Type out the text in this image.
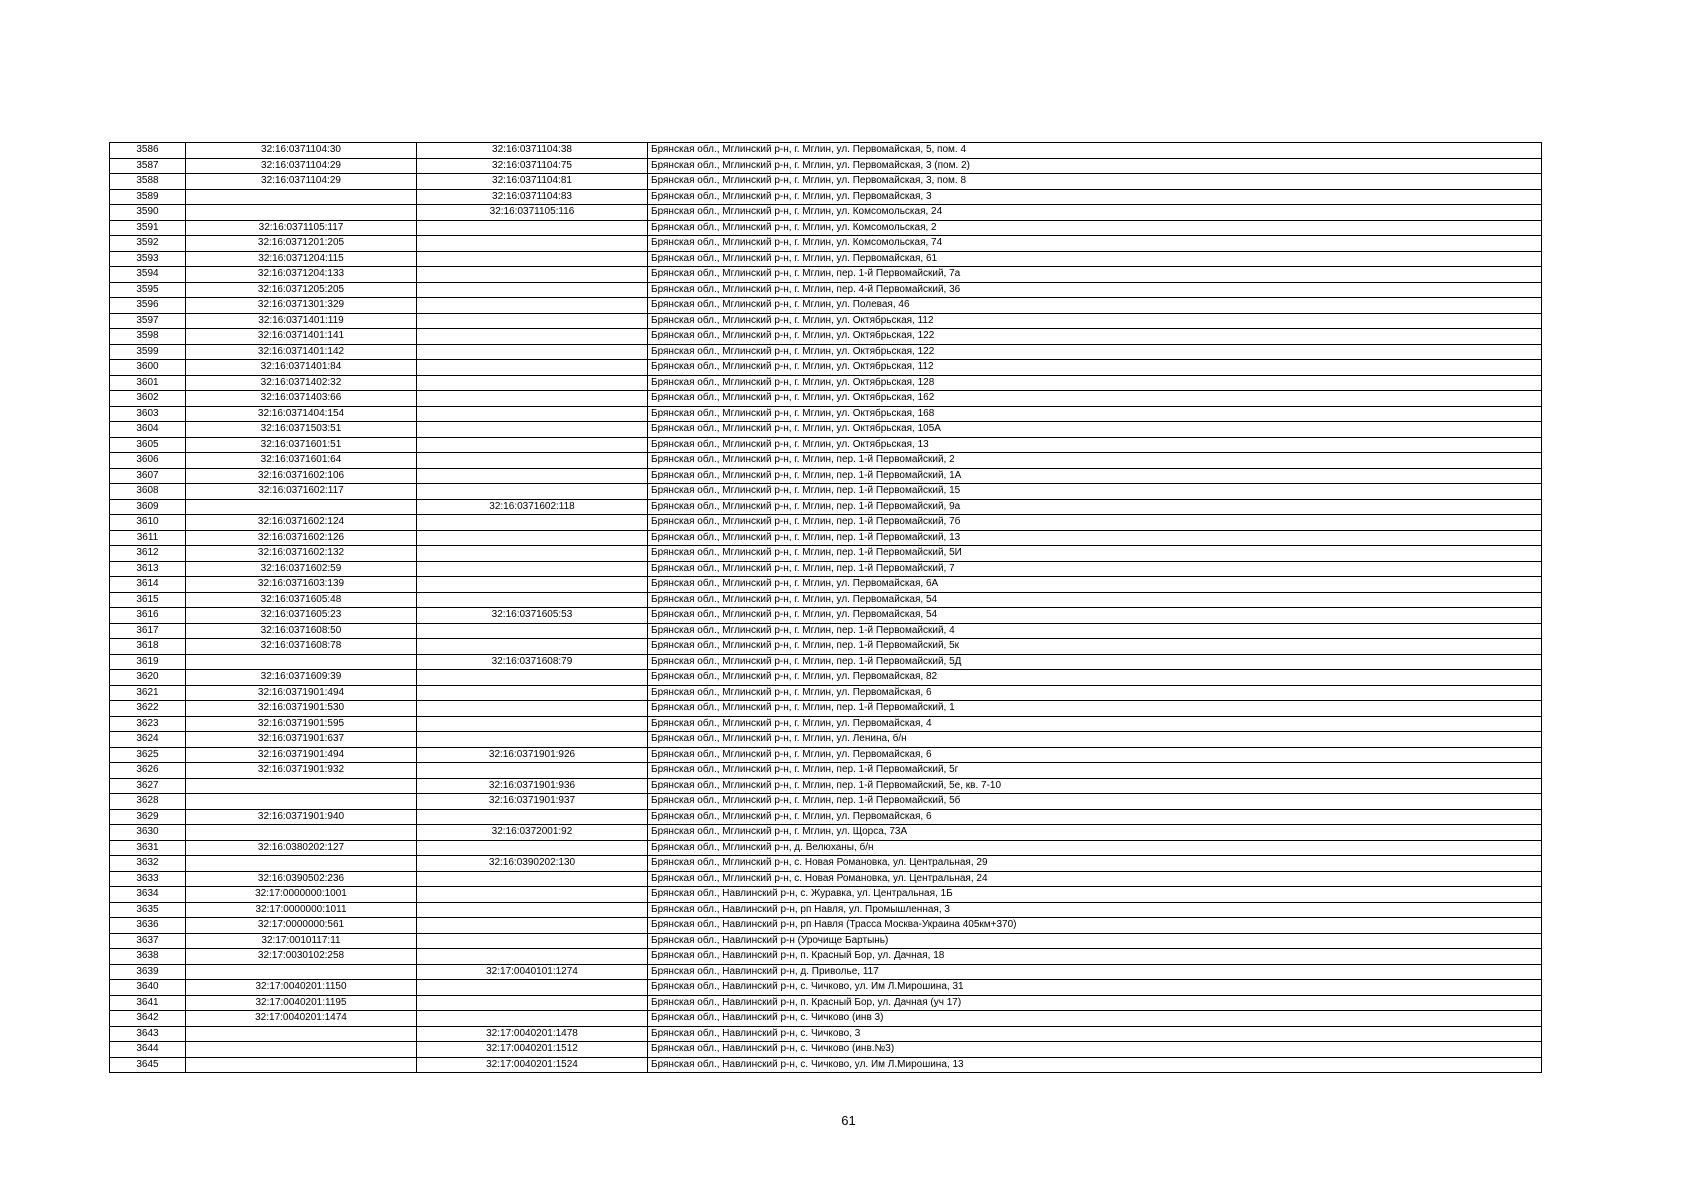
3586	32:16:0371104:30	32:16:0371104:38	Брянская обл., Мглинский р-н, г. Мглин, ул. Первомайская, 5, пом. 4
3587	32:16:0371104:29	32:16:0371104:75	Брянская обл., Мглинский р-н, г. Мглин, ул. Первомайская, 3 (пом. 2)
3588	32:16:0371104:29	32:16:0371104:81	Брянская обл., Мглинский р-н, г. Мглин, ул. Первомайская, 3, пом. 8
3589		32:16:0371104:83	Брянская обл., Мглинский р-н, г. Мглин, ул. Первомайская, 3
3590		32:16:0371105:116	Брянская обл., Мглинский р-н, г. Мглин, ул. Комсомольская, 24
3591	32:16:0371105:117		Брянская обл., Мглинский р-н, г. Мглин, ул. Комсомольская, 2
3592	32:16:0371201:205		Брянская обл., Мглинский р-н, г. Мглин, ул. Комсомольская, 74
3593	32:16:0371204:115		Брянская обл., Мглинский р-н, г. Мглин, ул. Первомайская, 61
3594	32:16:0371204:133		Брянская обл., Мглинский р-н, г. Мглин, пер. 1-й Первомайский, 7а
3595	32:16:0371205:205		Брянская обл., Мглинский р-н, г. Мглин, пер. 4-й Первомайский, 36
3596	32:16:0371301:329		Брянская обл., Мглинский р-н, г. Мглин, ул. Полевая, 46
3597	32:16:0371401:119		Брянская обл., Мглинский р-н, г. Мглин, ул. Октябрьская, 112
3598	32:16:0371401:141		Брянская обл., Мглинский р-н, г. Мглин, ул. Октябрьская, 122
3599	32:16:0371401:142		Брянская обл., Мглинский р-н, г. Мглин, ул. Октябрьская, 122
3600	32:16:0371401:84		Брянская обл., Мглинский р-н, г. Мглин, ул. Октябрьская, 112
3601	32:16:0371402:32		Брянская обл., Мглинский р-н, г. Мглин, ул. Октябрьская, 128
3602	32:16:0371403:66		Брянская обл., Мглинский р-н, г. Мглин, ул. Октябрьская, 162
3603	32:16:0371404:154		Брянская обл., Мглинский р-н, г. Мглин, ул. Октябрьская, 168
3604	32:16:0371503:51		Брянская обл., Мглинский р-н, г. Мглин, ул. Октябрьская, 105А
3605	32:16:0371601:51		Брянская обл., Мглинский р-н, г. Мглин, ул. Октябрьская, 13
3606	32:16:0371601:64		Брянская обл., Мглинский р-н, г. Мглин, пер. 1-й Первомайский, 2
3607	32:16:0371602:106		Брянская обл., Мглинский р-н, г. Мглин, пер. 1-й Первомайский, 1А
3608	32:16:0371602:117		Брянская обл., Мглинский р-н, г. Мглин, пер. 1-й Первомайский, 15
3609		32:16:0371602:118	Брянская обл., Мглинский р-н, г. Мглин, пер. 1-й Первомайский, 9а
3610	32:16:0371602:124		Брянская обл., Мглинский р-н, г. Мглин, пер. 1-й Первомайский, 7б
3611	32:16:0371602:126		Брянская обл., Мглинский р-н, г. Мглин, пер. 1-й Первомайский, 13
3612	32:16:0371602:132		Брянская обл., Мглинский р-н, г. Мглин, пер. 1-й Первомайский, 5И
3613	32:16:0371602:59		Брянская обл., Мглинский р-н, г. Мглин, пер. 1-й Первомайский, 7
3614	32:16:0371603:139		Брянская обл., Мглинский р-н, г. Мглин, ул. Первомайская, 6А
3615	32:16:0371605:48		Брянская обл., Мглинский р-н, г. Мглин, ул. Первомайская, 54
3616	32:16:0371605:23	32:16:0371605:53	Брянская обл., Мглинский р-н, г. Мглин, ул. Первомайская, 54
3617	32:16:0371608:50		Брянская обл., Мглинский р-н, г. Мглин, пер. 1-й Первомайский, 4
3618	32:16:0371608:78		Брянская обл., Мглинский р-н, г. Мглин, пер. 1-й Первомайский, 5к
3619		32:16:0371608:79	Брянская обл., Мглинский р-н, г. Мглин, пер. 1-й Первомайский, 5Д
3620	32:16:0371609:39		Брянская обл., Мглинский р-н, г. Мглин, ул. Первомайская, 82
3621	32:16:0371901:494		Брянская обл., Мглинский р-н, г. Мглин, ул. Первомайская, 6
3622	32:16:0371901:530		Брянская обл., Мглинский р-н, г. Мглин, пер. 1-й Первомайский, 1
3623	32:16:0371901:595		Брянская обл., Мглинский р-н, г. Мглин, ул. Первомайская, 4
3624	32:16:0371901:637		Брянская обл., Мглинский р-н, г. Мглин, ул. Ленина, б/н
3625	32:16:0371901:494	32:16:0371901:926	Брянская обл., Мглинский р-н, г. Мглин, ул. Первомайская, 6
3626	32:16:0371901:932		Брянская обл., Мглинский р-н, г. Мглин, пер. 1-й Первомайский, 5г
3627		32:16:0371901:936	Брянская обл., Мглинский р-н, г. Мглин, пер. 1-й Первомайский, 5е, кв. 7-10
3628		32:16:0371901:937	Брянская обл., Мглинский р-н, г. Мглин, пер. 1-й Первомайский, 5б
3629	32:16:0371901:940		Брянская обл., Мглинский р-н, г. Мглин, ул. Первомайская, 6
3630		32:16:0372001:92	Брянская обл., Мглинский р-н, г. Мглин, ул. Щорса, 73А
3631	32:16:0380202:127		Брянская обл., Мглинский р-н, д. Велюханы, б/н
3632		32:16:0390202:130	Брянская обл., Мглинский р-н, с. Новая Романовка, ул. Центральная, 29
3633	32:16:0390502:236		Брянская обл., Мглинский р-н, с. Новая Романовка, ул. Центральная, 24
3634	32:17:0000000:1001		Брянская обл., Навлинский р-н, с. Журавка, ул. Центральная, 1Б
3635	32:17:0000000:1011		Брянская обл., Навлинский р-н, рп Навля, ул. Промышленная, 3
3636	32:17:0000000:561		Брянская обл., Навлинский р-н, рп Навля (Трасса Москва-Украина 405км+370)
3637	32:17:0010117:11		Брянская обл., Навлинский р-н (Урочище Бартынь)
3638	32:17:0030102:258		Брянская обл., Навлинский р-н, п. Красный Бор, ул. Дачная, 18
3639		32:17:0040101:1274	Брянская обл., Навлинский р-н, д. Приволье, 117
3640	32:17:0040201:1150		Брянская обл., Навлинский р-н, с. Чичково, ул. Им Л.Мирошина, 31
3641	32:17:0040201:1195		Брянская обл., Навлинский р-н, п. Красный Бор, ул. Дачная (уч 17)
3642	32:17:0040201:1474		Брянская обл., Навлинский р-н, с. Чичково (инв 3)
3643		32:17:0040201:1478	Брянская обл., Навлинский р-н, с. Чичково, 3
3644		32:17:0040201:1512	Брянская обл., Навлинский р-н, с. Чичково (инв.№3)
3645		32:17:0040201:1524	Брянская обл., Навлинский р-н, с. Чичково, ул. Им Л.Мирошина, 13
61
